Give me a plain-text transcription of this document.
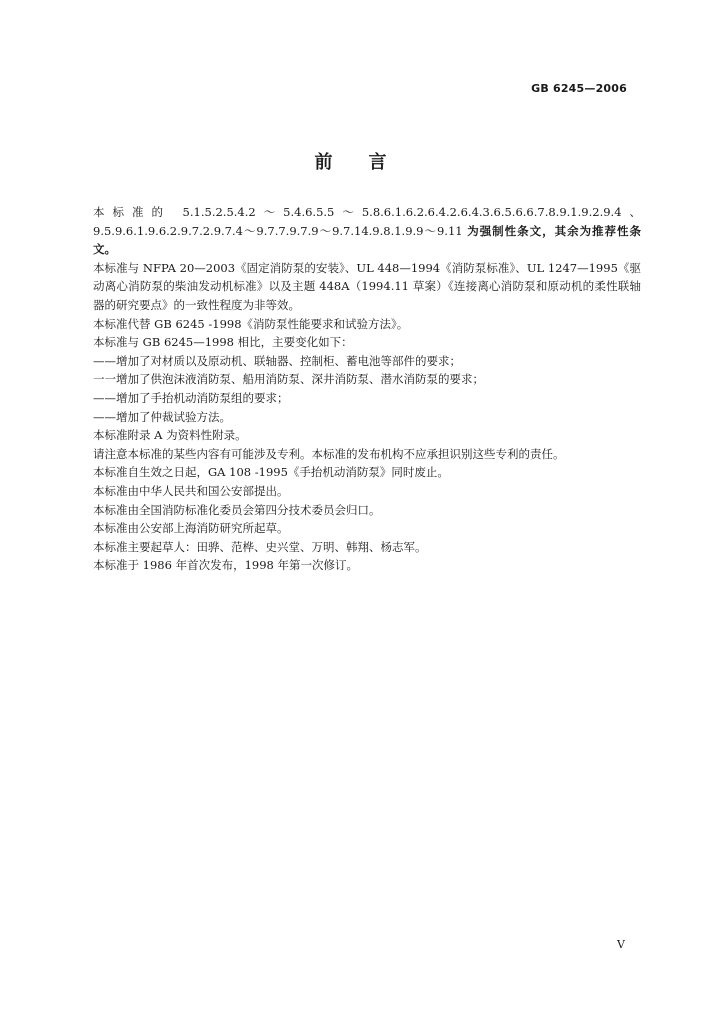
GB 6245—2006
前 言

本标准的 5.1.5.2.5.4.2～5.4.6.5.5～5.8.6.1.6.2.6.4.2.6.4.3.6.5.6.6.7.8.9.1.9.2.9.4、9.5.9.6.1.9.6.2.9.7.2.9.7.4～9.7.7.9.7.9～9.7.14.9.8.1.9.9～9.11 为强制性条文，其余为推荐性条文。

本标准与 NFPA 20—2003《固定消防泵的安装》、UL 448—1994《消防泵标准》、UL 1247—1995《驱动离心消防泵的柴油发动机标准》以及主题 448A（1994.11 草案）《连接离心消防泵和原动机的柔性联轴器的研究要点》的一致性程度为非等效。

本标准代替 GB 6245 -1998《消防泵性能要求和试验方法》。

本标准与 GB 6245—1998 相比，主要变化如下：

——增加了对材质以及原动机、联轴器、控制柜、蓄电池等部件的要求；

一一增加了供泡沫液消防泵、船用消防泵、深井消防泵、潜水消防泵的要求；

——增加了手抬机动消防泵组的要求；

——增加了仲裁试验方法。

本标准附录 A 为资料性附录。

请注意本标准的某些内容有可能涉及专利。本标准的发布机构不应承担识别这些专利的责任。

本标准自生效之日起，GA 108 -1995《手抬机动消防泵》同时废止。

本标准由中华人民共和国公安部提出。

本标准由全国消防标准化委员会第四分技术委员会归口。

本标准由公安部上海消防研究所起草。

本标准主要起草人：田骅、范桦、史兴堂、万明、韩翔、杨志军。

本标准于 1986 年首次发布，1998 年第一次修订。

V
